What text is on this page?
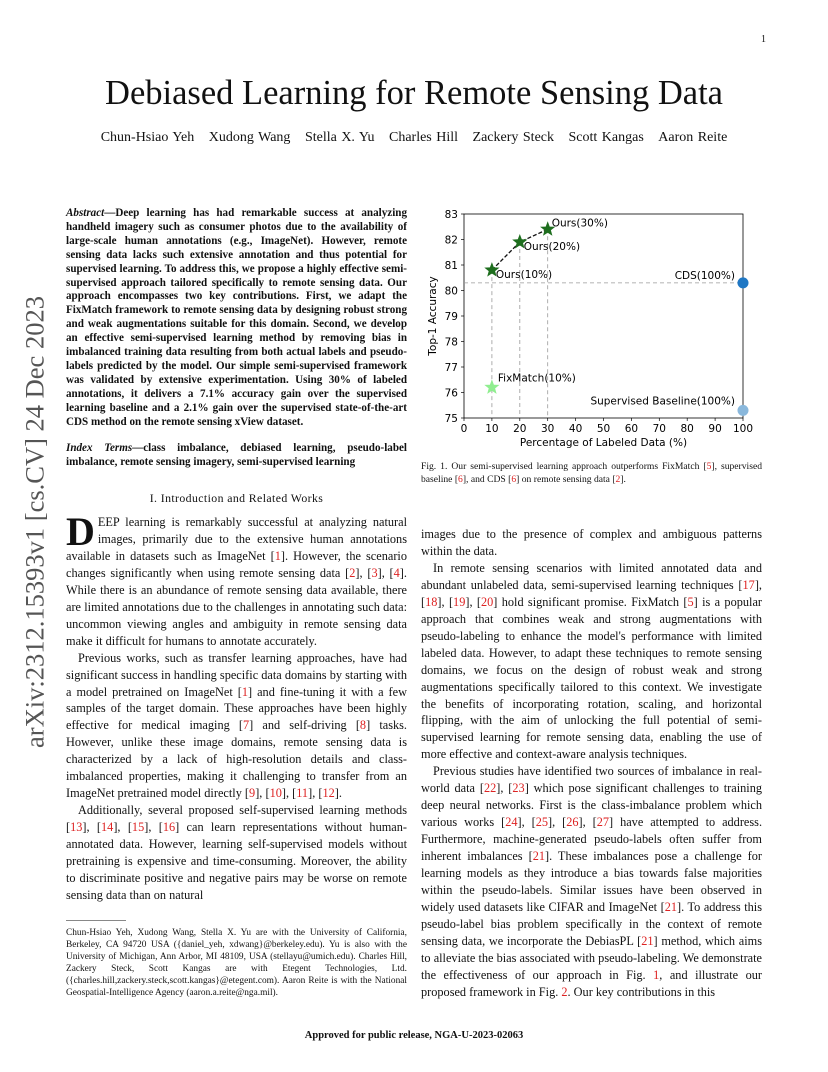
1
arXiv:2312.15393v1 [cs.CV] 24 Dec 2023
Debiased Learning for Remote Sensing Data
Chun-Hsiao Yeh Xudong Wang Stella X. Yu Charles Hill Zackery Steck Scott Kangas Aaron Reite
Abstract—Deep learning has had remarkable success at analyzing handheld imagery such as consumer photos due to the availability of large-scale human annotations (e.g., ImageNet). However, remote sensing data lacks such extensive annotation and thus potential for supervised learning. To address this, we propose a highly effective semi-supervised approach tailored specifically to remote sensing data. Our approach encompasses two key contributions. First, we adapt the FixMatch framework to remote sensing data by designing robust strong and weak augmentations suitable for this domain. Second, we develop an effective semi-supervised learning method by removing bias in imbalanced training data resulting from both actual labels and pseudo-labels predicted by the model. Our simple semi-supervised framework was validated by extensive experimentation. Using 30% of labeled annotations, it delivers a 7.1% accuracy gain over the supervised learning baseline and a 2.1% gain over the supervised state-of-the-art CDS method on the remote sensing xView dataset.
Index Terms—class imbalance, debiased learning, pseudo-label imbalance, remote sensing imagery, semi-supervised learning
I. Introduction and Related Works

DEEP learning is remarkably successful at analyzing natural images, primarily due to the extensive human annotations available in datasets such as ImageNet [1]. However, the scenario changes significantly when using remote sensing data [2], [3], [4]. While there is an abundance of remote sensing data available, there are limited annotations due to the challenges in annotating such data: uncommon viewing angles and ambiguity in remote sensing data make it difficult for humans to annotate accurately.

Previous works, such as transfer learning approaches, have had significant success in handling specific data domains by starting with a model pretrained on ImageNet [1] and fine-tuning it with a few samples of the target domain. These approaches have been highly effective for medical imaging [7] and self-driving [8] tasks. However, unlike these image domains, remote sensing data is characterized by a lack of high-resolution details and class-imbalanced properties, making it challenging to transfer from an ImageNet pretrained model directly [9], [10], [11], [12].

Additionally, several proposed self-supervised learning methods [13], [14], [15], [16] can learn representations without human-annotated data. However, learning self-supervised models without pretraining is expensive and time-consuming. Moreover, the ability to discriminate positive and negative pairs may be worse on remote sensing data than on natural

Chun-Hsiao Yeh, Xudong Wang, Stella X. Yu are with the University of California, Berkeley, CA 94720 USA ({daniel_yeh, xdwang}@berkeley.edu). Yu is also with the University of Michigan, Ann Arbor, MI 48109, USA (stellayu@umich.edu). Charles Hill, Zackery Steck, Scott Kangas are with Etegent Technologies, Ltd. ({charles.hill,zackery.steck,scott.kangas}@etegent.com). Aaron Reite is with the National Geospatial-Intelligence Agency (aaron.a.reite@nga.mil).
0 10 20 30 40 50 60 70 80 90 100
75
76
77
78
79
80
81
82
83
Percentage of Labeled Data (%)
Top-1 Accuracy
Ours(10%)
Ours(20%)
Ours(30%)
FixMatch(10%)
CDS(100%)
Supervised Baseline(100%)
Fig. 1. Our semi-supervised learning approach outperforms FixMatch [5], supervised baseline [6], and CDS [6] on remote sensing data [2].

images due to the presence of complex and ambiguous patterns within the data.

In remote sensing scenarios with limited annotated data and abundant unlabeled data, semi-supervised learning techniques [17], [18], [19], [20] hold significant promise. FixMatch [5] is a popular approach that combines weak and strong augmentations with pseudo-labeling to enhance the model's performance with limited labeled data. However, to adapt these techniques to remote sensing domains, we focus on the design of robust weak and strong augmentations specifically tailored to this context. We investigate the benefits of incorporating rotation, scaling, and horizontal flipping, with the aim of unlocking the full potential of semi-supervised learning for remote sensing data, enabling the use of more effective and context-aware analysis techniques.

Previous studies have identified two sources of imbalance in real-world data [22], [23] which pose significant challenges to training deep neural networks. First is the class-imbalance problem which various works [24], [25], [26], [27] have attempted to address. Furthermore, machine-generated pseudo-labels often suffer from inherent imbalances [21]. These imbalances pose a challenge for learning models as they introduce a bias towards false majorities within the pseudo-labels. Similar issues have been observed in widely used datasets like CIFAR and ImageNet [21]. To address this pseudo-label bias problem specifically in the context of remote sensing data, we incorporate the DebiasPL [21] method, which aims to alleviate the bias associated with pseudo-labeling. We demonstrate the effectiveness of our approach in Fig. 1, and illustrate our proposed framework in Fig. 2. Our key contributions in this

Approved for public release, NGA-U-2023-02063
